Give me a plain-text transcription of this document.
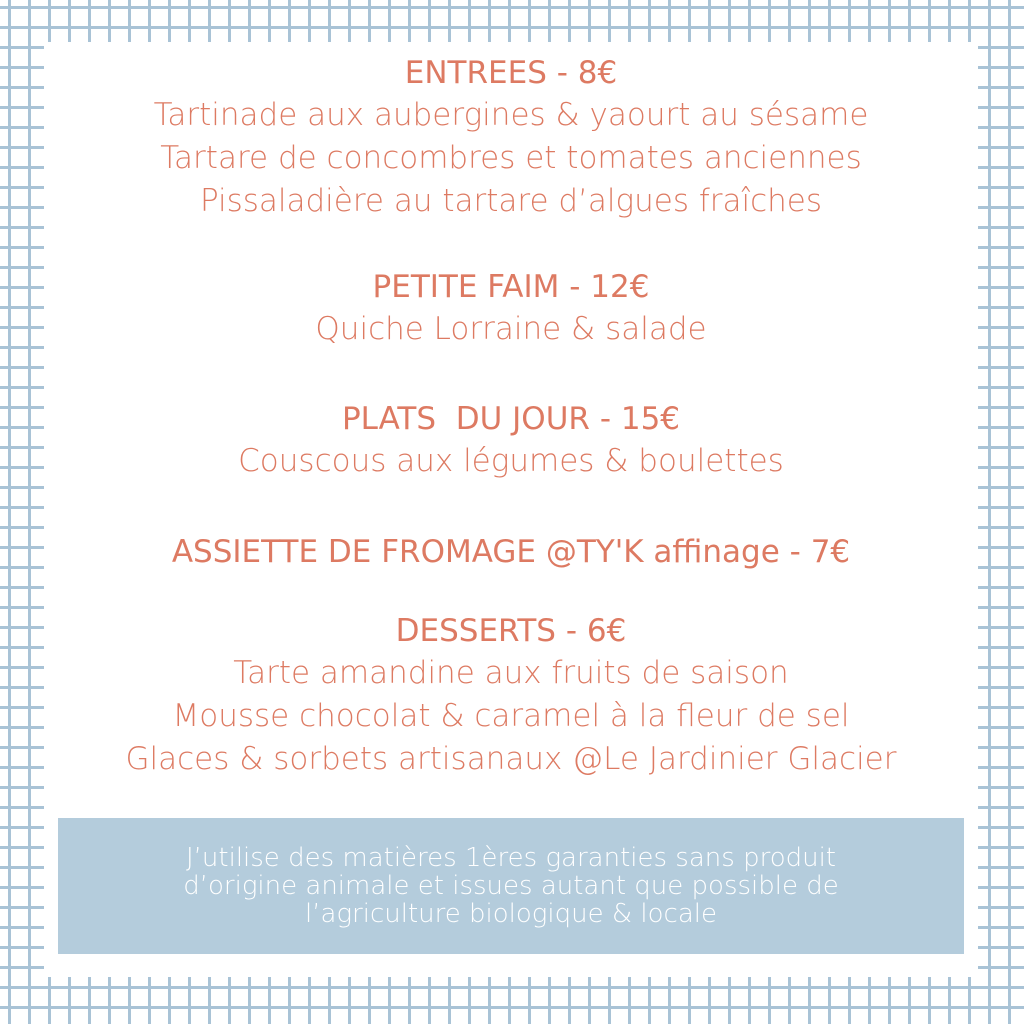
ENTREES - 8€
Tartinade aux aubergines & yaourt au sésame
Tartare de concombres et tomates anciennes
Pissaladière au tartare d’algues fraîches
PETITE FAIM - 12€
Quiche Lorraine & salade
PLATS  DU JOUR - 15€
Couscous aux légumes & boulettes
ASSIETTE DE FROMAGE @TY'K affinage - 7€
DESSERTS - 6€
Tarte amandine aux fruits de saison
Mousse chocolat & caramel à la fleur de sel
Glaces & sorbets artisanaux @Le Jardinier Glacier
J’utilise des matières 1ères garanties sans produit
d’origine animale et issues autant que possible de
l’agriculture biologique & locale
